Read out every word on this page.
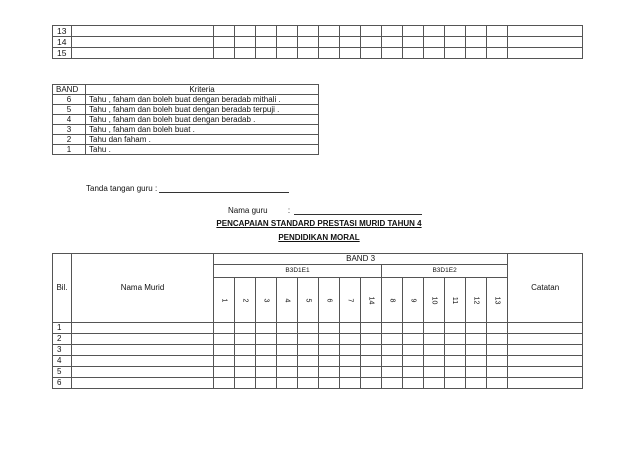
13																
14																
15																
BAND	Kriteria
6	Tahu , faham dan boleh buat dengan beradab mithali .
5	Tahu , faham dan boleh buat dengan beradab terpuji .
4	Tahu , faham dan boleh buat dengan beradab .
3	Tahu , faham dan boleh buat .
2	Tahu dan faham .
1	Tahu .
Tanda tangan guru :
Nama guru	:
PENCAPAIAN STANDARD PRESTASI MURID TAHUN 4
PENDIDIKAN MORAL
Bil.	Nama Murid	BAND 3														Catatan
		B3D1E1								B3D1E2						
		1	2	3	4	5	6	7	14	8	9	10	11	12	13	
1																
2																
3																
4																
5																
6																
